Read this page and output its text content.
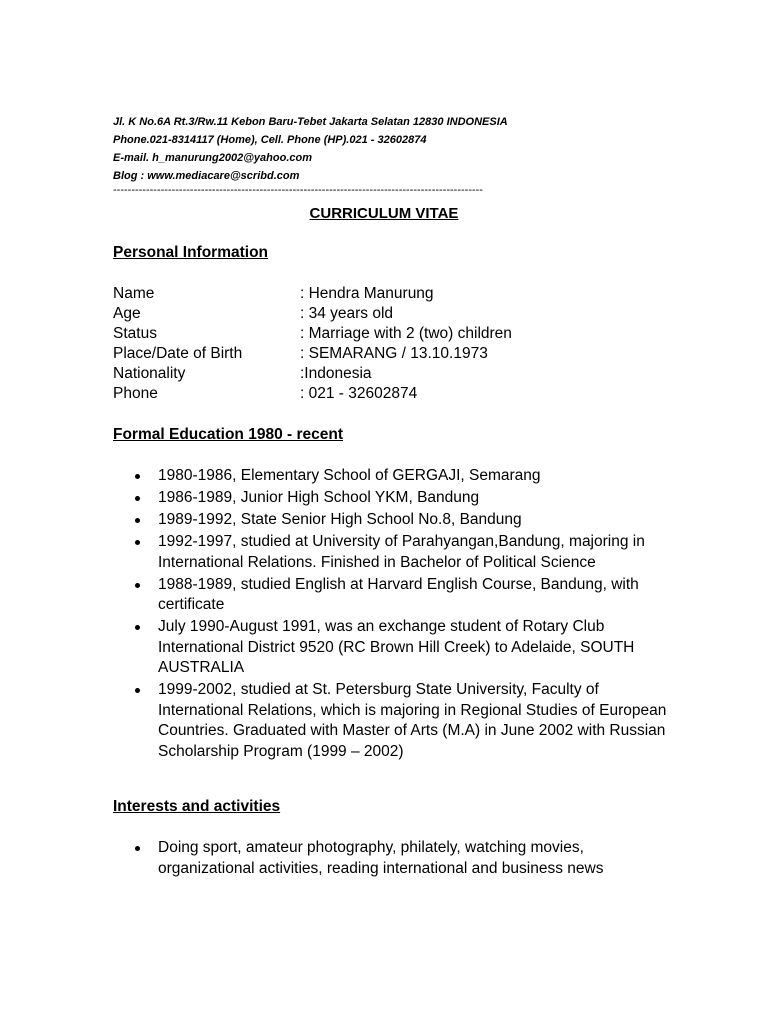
Jl. K No.6A Rt.3/Rw.11 Kebon Baru-Tebet Jakarta Selatan 12830 INDONESIA
Phone.021-8314117 (Home), Cell. Phone (HP).021 - 32602874
E-mail. h_manurung2002@yahoo.com
Blog : www.mediacare@scribd.com
-----------------------------------------------------------------------------------------------------
CURRICULUM VITAE
Personal Information
Name	: Hendra Manurung
Age	: 34 years old
Status	: Marriage with 2 (two) children
Place/Date of Birth	: SEMARANG / 13.10.1973
Nationality	:Indonesia
Phone	: 021 - 32602874
Formal Education 1980 - recent
1980-1986, Elementary School of GERGAJI, Semarang
1986-1989, Junior High School YKM, Bandung
1989-1992, State Senior High School No.8, Bandung
1992-1997, studied at University of Parahyangan,Bandung, majoring in International Relations. Finished in Bachelor of Political Science
1988-1989, studied English at Harvard English Course, Bandung, with certificate
July 1990-August 1991, was an exchange student of Rotary Club International District 9520 (RC Brown Hill Creek) to Adelaide, SOUTH AUSTRALIA
1999-2002, studied at St. Petersburg State University, Faculty of International Relations, which is majoring in Regional Studies of European Countries. Graduated with Master of Arts (M.A) in June 2002 with Russian Scholarship Program (1999 – 2002)
Interests and activities
Doing sport, amateur photography, philately, watching movies, organizational activities, reading international and business news
